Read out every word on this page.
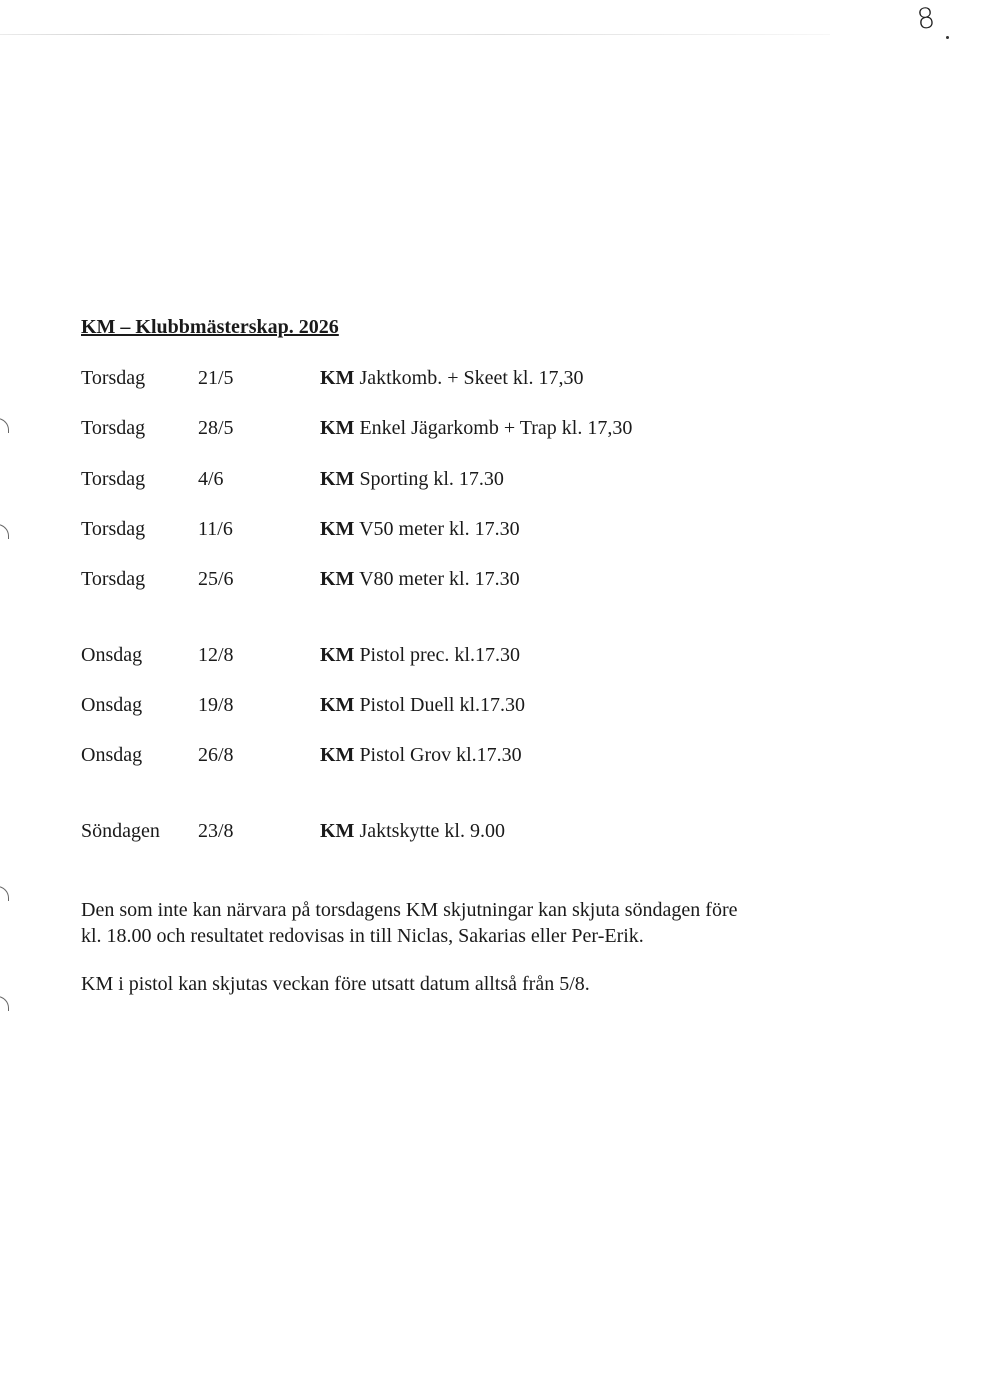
8
KM – Klubbmästerskap. 2026
Torsdag	21/5	KM Jaktkomb. + Skeet kl. 17,30
Torsdag	28/5	KM Enkel Jägarkomb + Trap kl. 17,30
Torsdag	4/6	KM Sporting kl. 17.30
Torsdag	11/6	KM V50 meter kl. 17.30
Torsdag	25/6	KM V80 meter kl. 17.30
Onsdag	12/8	KM Pistol prec. kl.17.30
Onsdag	19/8	KM Pistol Duell kl.17.30
Onsdag	26/8	KM Pistol Grov kl.17.30
Söndagen 23/8	KM Jaktskytte kl. 9.00

Den som inte kan närvara på torsdagens KM skjutningar kan skjuta söndagen före
kl. 18.00 och resultatet redovisas in till Niclas, Sakarias eller Per-Erik.

KM i pistol kan skjutas veckan före utsatt datum alltså från 5/8.
